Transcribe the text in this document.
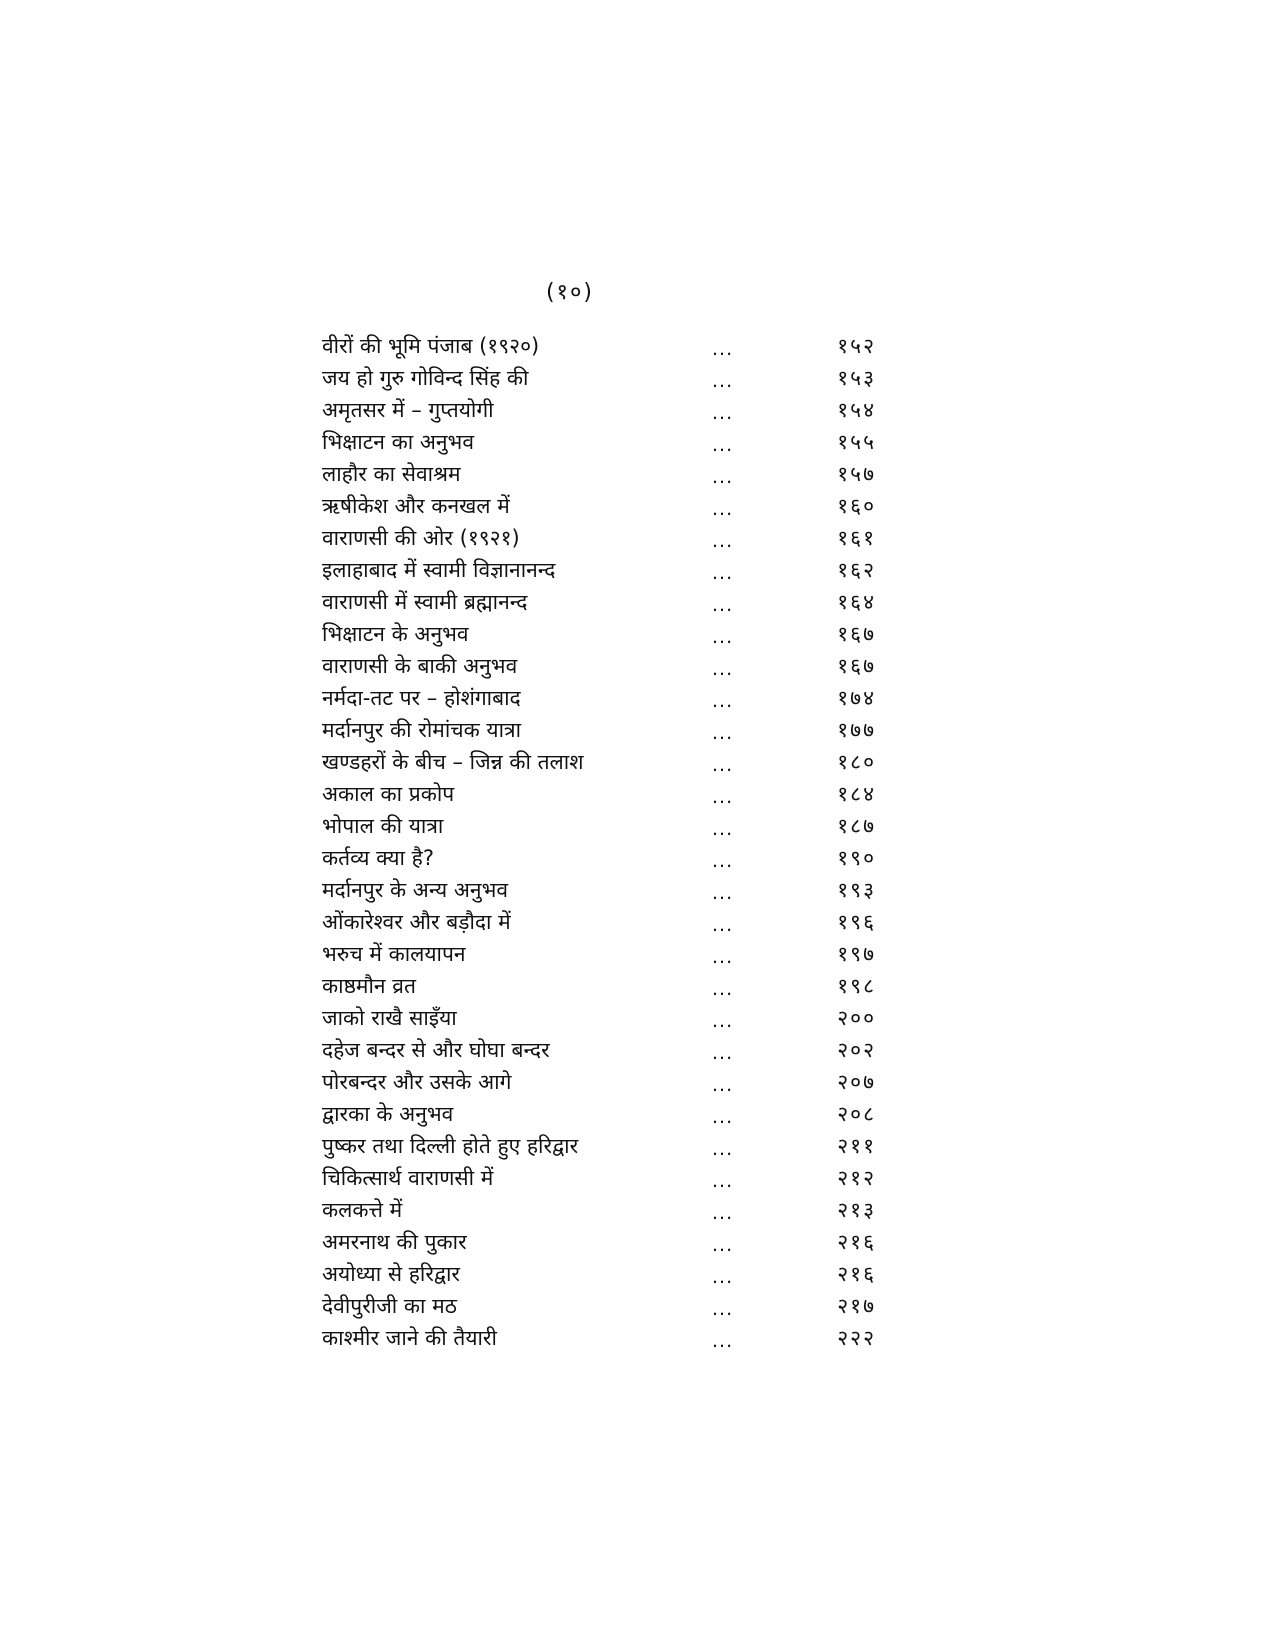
(१०)
वीरों की भूमि पंजाब (१९२०)	...	१५२
जय हो गुरु गोविन्द सिंह की	...	१५३
अमृतसर में – गुप्तयोगी	...	१५४
भिक्षाटन का अनुभव	...	१५५
लाहौर का सेवाश्रम	...	१५७
ऋषीकेश और कनखल में	...	१६०
वाराणसी की ओर (१९२१)	...	१६१
इलाहाबाद में स्वामी विज्ञानानन्द	...	१६२
वाराणसी में स्वामी ब्रह्मानन्द	...	१६४
भिक्षाटन के अनुभव	...	१६७
वाराणसी के बाकी अनुभव	...	१६७
नर्मदा-तट पर – होशंगाबाद	...	१७४
मर्दानपुर की रोमांचक यात्रा	...	१७७
खण्डहरों के बीच – जिन्न की तलाश	...	१८०
अकाल का प्रकोप	...	१८४
भोपाल की यात्रा	...	१८७
कर्तव्य क्या है?	...	१९०
मर्दानपुर के अन्य अनुभव	...	१९३
ओंकारेश्वर और बड़ौदा में	...	१९६
भरुच में कालयापन	...	१९७
काष्ठमौन व्रत	...	१९८
जाको राखै साइँया	...	२००
दहेज बन्दर से और घोघा बन्दर	...	२०२
पोरबन्दर और उसके आगे	...	२०७
द्वारका के अनुभव	...	२०८
पुष्कर तथा दिल्ली होते हुए हरिद्वार	...	२११
चिकित्सार्थ वाराणसी में	...	२१२
कलकत्ते में	...	२१३
अमरनाथ की पुकार	...	२१६
अयोध्या से हरिद्वार	...	२१६
देवीपुरीजी का मठ	...	२१७
काश्मीर जाने की तैयारी	...	२२२
